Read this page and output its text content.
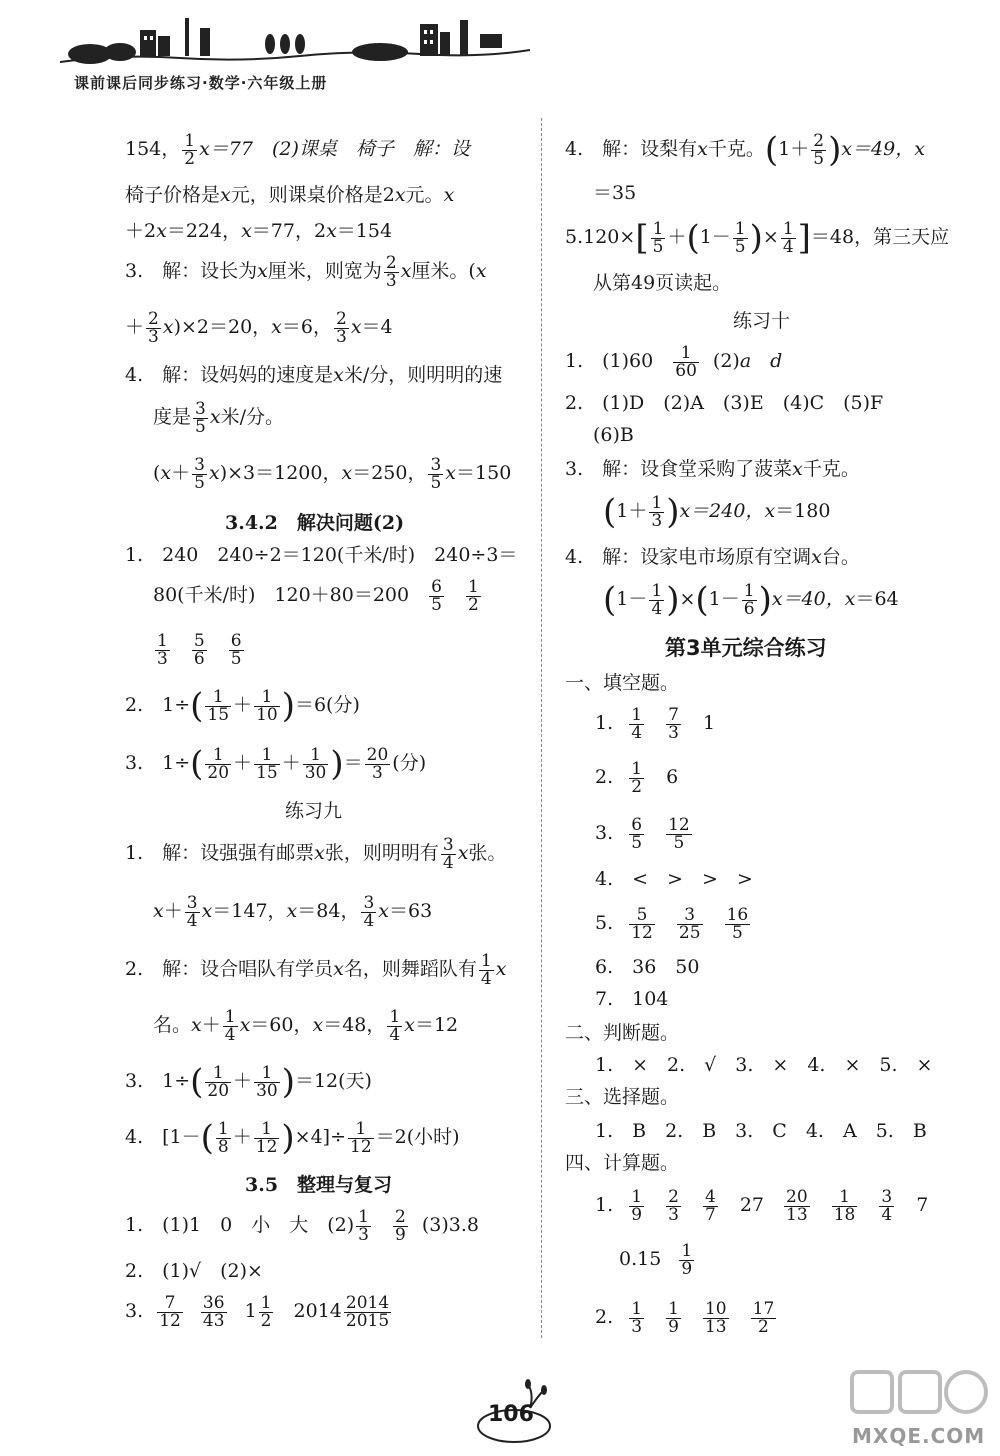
课前课后同步练习·数学·六年级上册
154， $\frac{1}{2} x=77$　(2)课桌　椅子　解：设
椅子价格是x元，则课桌价格是2x元。x
＋2x＝224，x＝77，2x＝154
3.　解：设长为x厘米，则宽为 $\frac{2}{3}$ x厘米。(x
＋ $\frac{2}{3} x)\times 2=20$，x＝6， $\frac{2}{3} x=4$
4.　解：设妈妈的速度是x米/分，则明明的速
度是 $\frac{3}{5}$ x米/分。
$(x+ \frac{3}{5} x)\times 3=1200$，x＝250， $\frac{3}{5} x=150$
3.4.2　解决问题(2)
1.　240　240÷2＝120(千米/时)　240÷3＝
80(千米/时)　$120+80=200 \frac{6}{5}$
$\frac{1}{2}$
$\frac{1}{3}$
$\frac{5}{6}$
$\frac{6}{5}$
2.　$1\div( \frac{1}{15} + \frac{1}{10} )=6$(分)
3.　$1\div( \frac{1}{20} + \frac{1}{15} + \frac{1}{30}$ )＝ $\frac{20}{3}$ (分)
练习九
1.　解：设强强有邮票x张，则明明有 $\frac{3}{4}$ x张。
$x+ \frac{3}{4} x=147$，x＝84， $\frac{3}{4} x=63$
2.　解：设合唱队有学员x名，则舞蹈队有 $\frac{1}{4}$ x
名。$x+ \frac{1}{4} x=60$，x＝48， $\frac{1}{4} x=12$
3.　$1\div( \frac{1}{20} + \frac{1}{30} )=12$(天)
4.　$[1-( \frac{1}{8} + \frac{1}{12} )\times 4]\div \frac{1}{12} =2$(小时)
3.5　整理与复习
1.　(1)1　0　小　大　$(2) \frac{1}{3}$
$\frac{2}{9} (3)3.8$
2.　(1)√　(2)×
3. $\frac{7}{12}$
$\frac{36}{43} 1 \frac{1}{2} 2014 \frac{2014}{2015}$
4.　解：设梨有x千克。$(1+ \frac{2}{5} )x=49$，x
＝35
$5.120\times[ \frac{1}{5} +(1- \frac{1}{5}$ )× $\frac{1}{4} ]=48$，第三天应
从第49页读起。
练习十
1.　$(1)60 \frac{1}{60} (2)a$　 d
2.　(1)D　(2)A　(3)E　(4)C　(5)F
(6)B
3.　解：设食堂采购了菠菜x千克。
$(1+ \frac{1}{3} )x=240$，x＝180
4.　解：设家电市场原有空调x台。
$(1- \frac{1}{4} )\times(1- \frac{1}{6} )x=40$，x＝64
第3单元综合练习
一、填空题。
1. $\frac{1}{4}$
$\frac{7}{3} 1$
2. $\frac{1}{2} 6$
3. $\frac{6}{5}$
$\frac{12}{5}$
4.　<　>　>　>
5. $\frac{5}{12}$
$\frac{3}{25}$
$\frac{16}{5}$
6.　36　50
7.　104
二、判断题。
1.　×　2.　√　3.　×　4.　×　5.　×
三、选择题。
1.　B　2.　B　3.　C　4.　A　5.　B
四、计算题。
1. $\frac{1}{9}$
$\frac{2}{3}$
$\frac{4}{7} 27 \frac{20}{13}$
$\frac{1}{18}$
$\frac{3}{4} 7$
$0.15 \frac{1}{9}$
2. $\frac{1}{3}$
$\frac{1}{9}$
$\frac{10}{13}$
$\frac{17}{2}$
106
MXQE.COM
